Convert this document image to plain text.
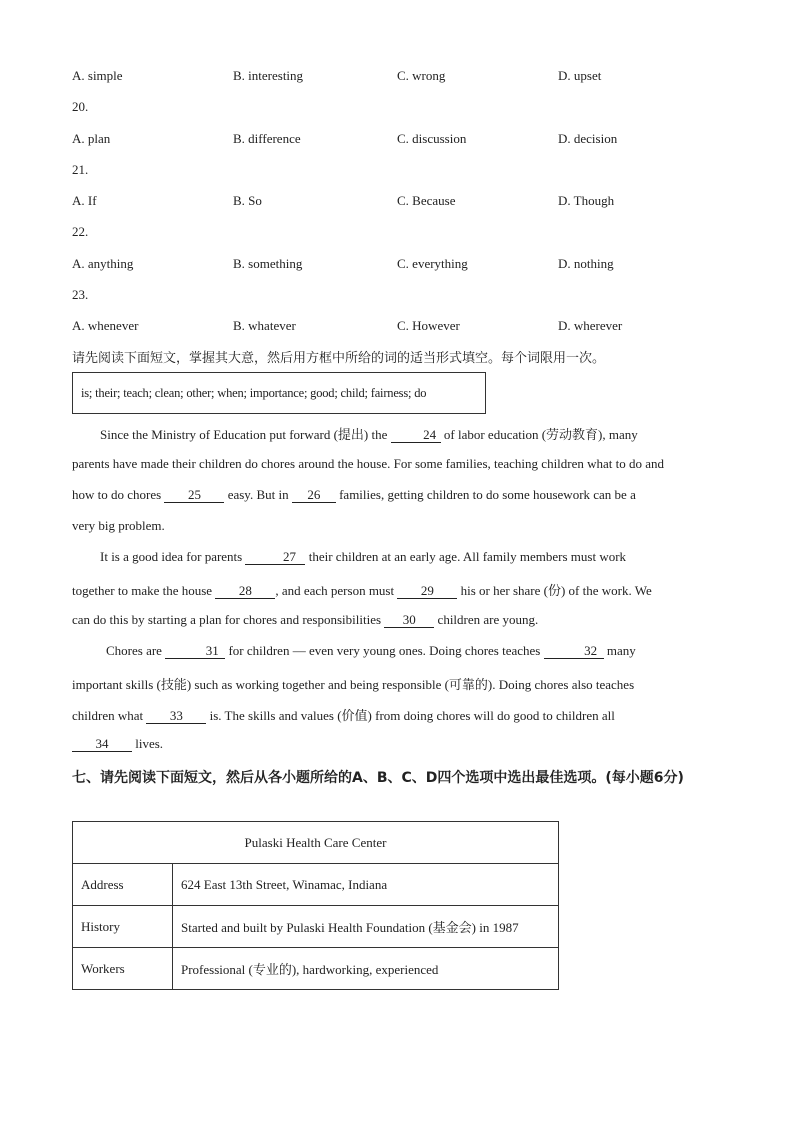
A. simple	B. interesting	C. wrong	D. upset
20.
A. plan	B. difference	C. discussion	D. decision
21.
A. If	B. So	C. Because	D. Though
22.
A. anything	B. something	C. everything	D. nothing
23.
A. whenever	B. whatever	C. However	D. wherever
请先阅读下面短文，掌握其大意，然后用方框中所给的词的适当形式填空。每个词限用一次。
is; their; teach; clean; other; when; importance; good; child; fairness; do
Since the Ministry of Education put forward (提出) the	24 of labor education (劳动教育), many
parents have made their children do chores around the house. For some families, teaching children what to do and
how to do chores 25 easy. But in 26 families, getting children to do some housework can be a
very big problem.
It is a good idea for parents	27 their children at an early age. All family members must work
together to make the house 28 , and each person must 29 his or her share (份) of the work. We
can do this by starting a plan for chores and responsibilities 30 children are young.
Chores are	31 for children — even very young ones. Doing chores teaches	32 many
important skills (技能) such as working together and being responsible (可靠的). Doing chores also teaches
children what 33 is. The skills and values (价值) from doing chores will do good to children all
34 lives.
七、请先阅读下面短文，然后从各小题所给的A、B、C、D四个选项中选出最佳选项。(每小题6分)
Pulaski Health Care Center	
Address	624 East 13th Street, Winamac, Indiana
History	Started and built by Pulaski Health Foundation (基金会) in 1987
Workers	Professional (专业的), hardworking, experienced
